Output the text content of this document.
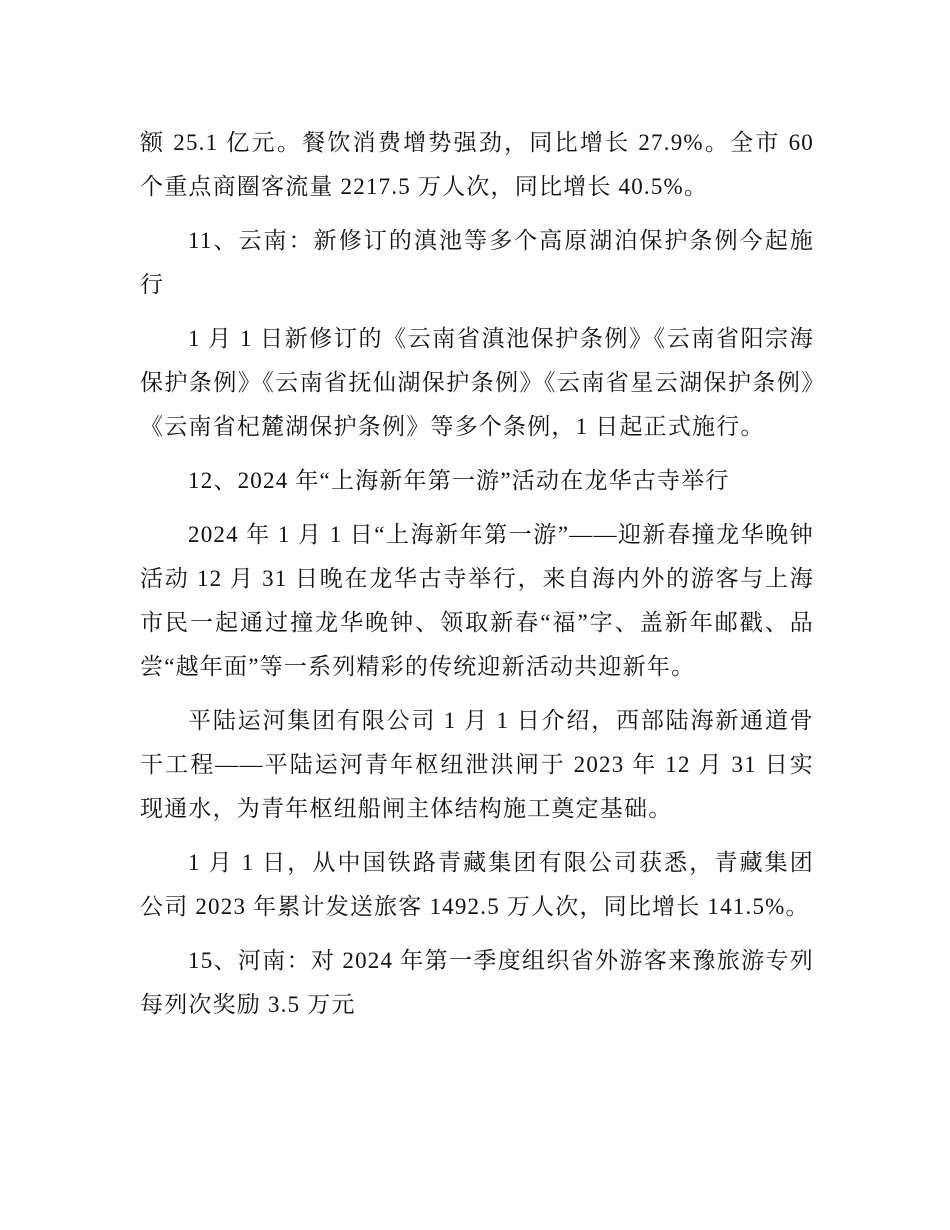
额 25.1 亿元。餐饮消费增势强劲，同比增长 27.9%。全市 60 个重点商圈客流量 2217.5 万人次，同比增长 40.5%。

11、云南：新修订的滇池等多个高原湖泊保护条例今起施行

1 月 1 日新修订的《云南省滇池保护条例》《云南省阳宗海保护条例》《云南省抚仙湖保护条例》《云南省星云湖保护条例》《云南省杞麓湖保护条例》等多个条例，1 日起正式施行。

12、2024 年“上海新年第一游”活动在龙华古寺举行

2024 年 1 月 1 日“上海新年第一游”——迎新春撞龙华晚钟活动 12 月 31 日晚在龙华古寺举行，来自海内外的游客与上海市民一起通过撞龙华晚钟、领取新春“福”字、盖新年邮戳、品尝“越年面”等一系列精彩的传统迎新活动共迎新年。

平陆运河集团有限公司 1 月 1 日介绍，西部陆海新通道骨干工程——平陆运河青年枢纽泄洪闸于 2023 年 12 月 31 日实现通水，为青年枢纽船闸主体结构施工奠定基础。

1 月 1 日，从中国铁路青藏集团有限公司获悉，青藏集团公司 2023 年累计发送旅客 1492.5 万人次，同比增长 141.5%。

15、河南：对 2024 年第一季度组织省外游客来豫旅游专列每列次奖励 3.5 万元
